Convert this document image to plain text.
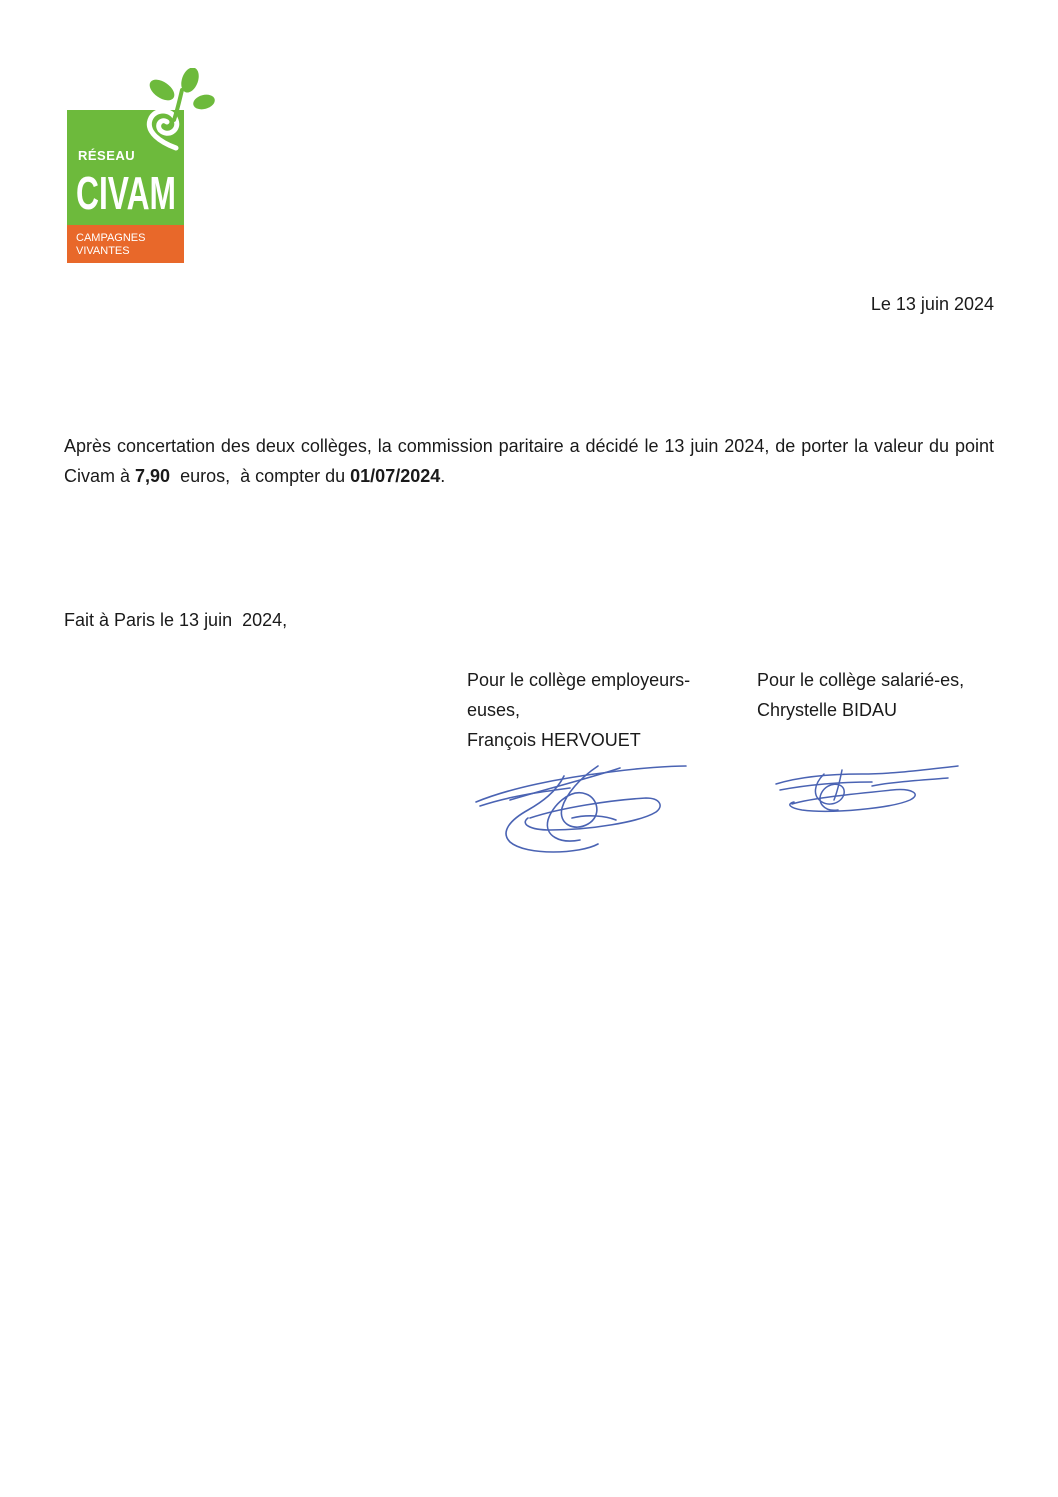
RÉSEAU
CIVAM
CAMPAGNES
VIVANTES
Le 13 juin 2024
Après concertation des deux collèges, la commission paritaire a décidé le 13 juin 2024, de porter la valeur du point Civam à 7,90  euros,  à compter du 01/07/2024.
Fait à Paris le 13 juin  2024,
Pour le collège employeurs-
euses,
François HERVOUET
Pour le collège salarié-es,
Chrystelle BIDAU
